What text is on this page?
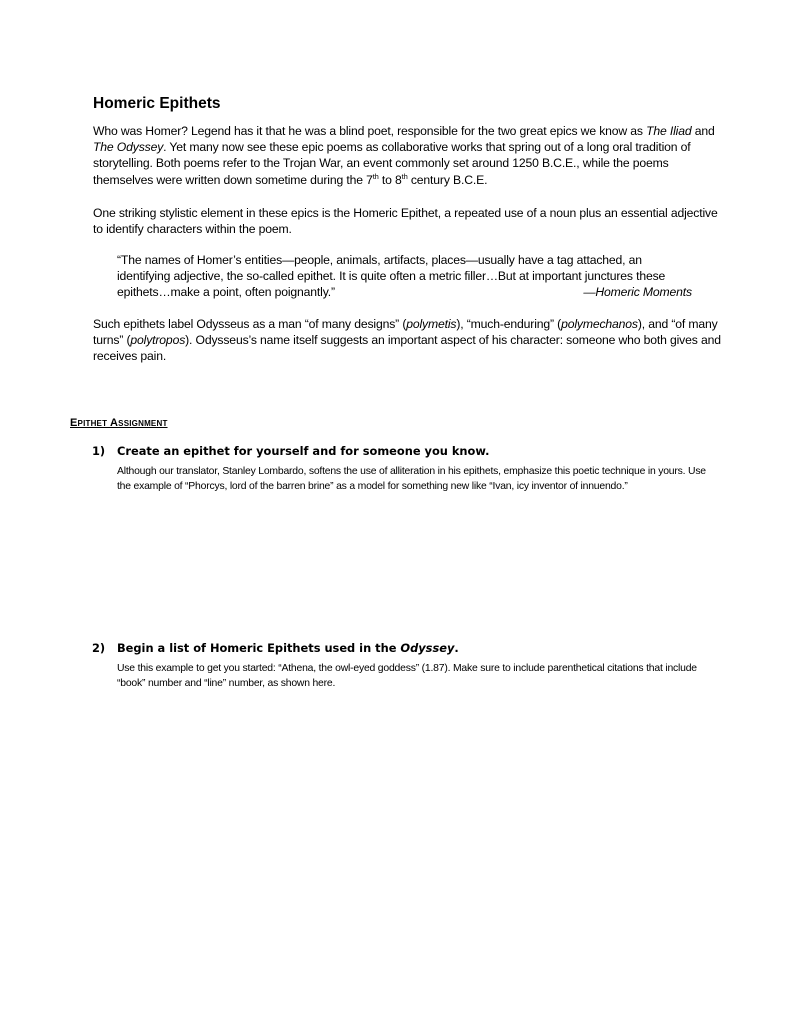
Homeric Epithets

Who was Homer? Legend has it that he was a blind poet, responsible for the two great epics we know as The Iliad and The Odyssey. Yet many now see these epic poems as collaborative works that spring out of a long oral tradition of storytelling. Both poems refer to the Trojan War, an event commonly set around 1250 B.C.E., while the poems themselves were written down sometime during the 7th to 8th century B.C.E.

One striking stylistic element in these epics is the Homeric Epithet, a repeated use of a noun plus an essential adjective to identify characters within the poem.

“The names of Homer’s entities—people, animals, artifacts, places—usually have a tag attached, an identifying adjective, the so-called epithet. It is quite often a metric filler…But at important junctures these epithets…make a point, often poignantly.”	—Homeric Moments

Such epithets label Odysseus as a man “of many designs” (polymetis), “much-enduring” (polymechanos), and “of many turns” (polytropos). Odysseus’s name itself suggests an important aspect of his character: someone who both gives and receives pain.

Epithet Assignment
1)	Create an epithet for yourself and for someone you know.

Although our translator, Stanley Lombardo, softens the use of alliteration in his epithets, emphasize this poetic technique in yours. Use the example of “Phorcys, lord of the barren brine” as a model for something new like “Ivan, icy inventor of innuendo.”

2)	Begin a list of Homeric Epithets used in the Odyssey.

Use this example to get you started: “Athena, the owl-eyed goddess” (1.87). Make sure to include parenthetical citations that include “book” number and “line” number, as shown here.
